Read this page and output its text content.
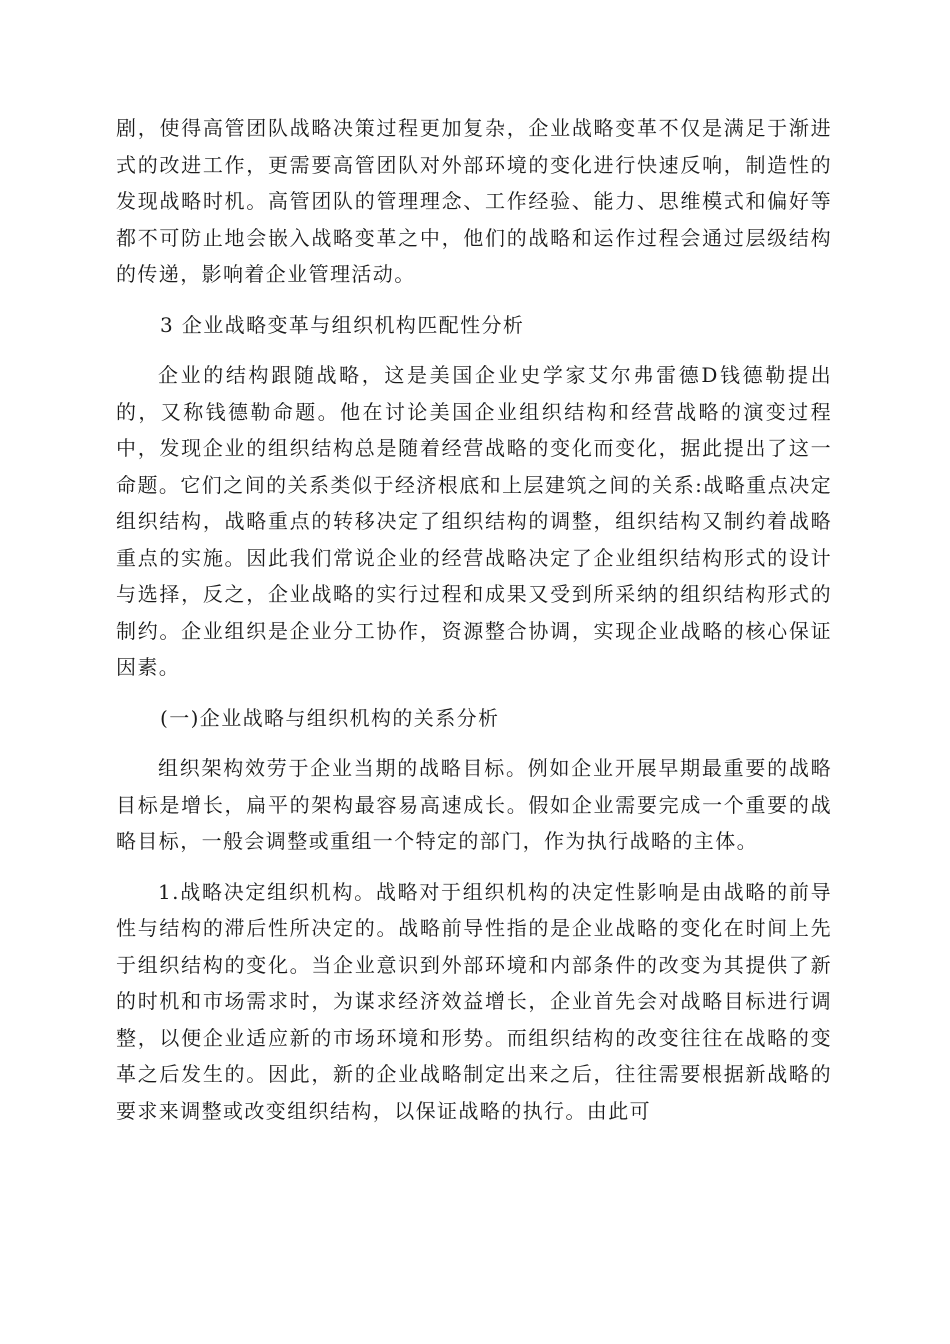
剧，使得高管团队战略决策过程更加复杂，企业战略变革不仅是满足于渐进式的改进工作，更需要高管团队对外部环境的变化进行快速反响，制造性的发现战略时机。高管团队的管理理念、工作经验、能力、思维模式和偏好等都不可防止地会嵌入战略变革之中，他们的战略和运作过程会通过层级结构的传递，影响着企业管理活动。

3 企业战略变革与组织机构匹配性分析

企业的结构跟随战略，这是美国企业史学家艾尔弗雷德D钱德勒提出的，又称钱德勒命题。他在讨论美国企业组织结构和经营战略的演变过程中，发现企业的组织结构总是随着经营战略的变化而变化，据此提出了这一命题。它们之间的关系类似于经济根底和上层建筑之间的关系:战略重点决定组织结构，战略重点的转移决定了组织结构的调整，组织结构又制约着战略重点的实施。因此我们常说企业的经营战略决定了企业组织结构形式的设计与选择，反之，企业战略的实行过程和成果又受到所采纳的组织结构形式的制约。企业组织是企业分工协作，资源整合协调，实现企业战略的核心保证因素。

(一)企业战略与组织机构的关系分析

组织架构效劳于企业当期的战略目标。例如企业开展早期最重要的战略目标是增长，扁平的架构最容易高速成长。假如企业需要完成一个重要的战略目标，一般会调整或重组一个特定的部门，作为执行战略的主体。

1.战略决定组织机构。战略对于组织机构的决定性影响是由战略的前导性与结构的滞后性所决定的。战略前导性指的是企业战略的变化在时间上先于组织结构的变化。当企业意识到外部环境和内部条件的改变为其提供了新的时机和市场需求时，为谋求经济效益增长，企业首先会对战略目标进行调整，以便企业适应新的市场环境和形势。而组织结构的改变往往在战略的变革之后发生的。因此，新的企业战略制定出来之后，往往需要根据新战略的要求来调整或改变组织结构，以保证战略的执行。由此可
